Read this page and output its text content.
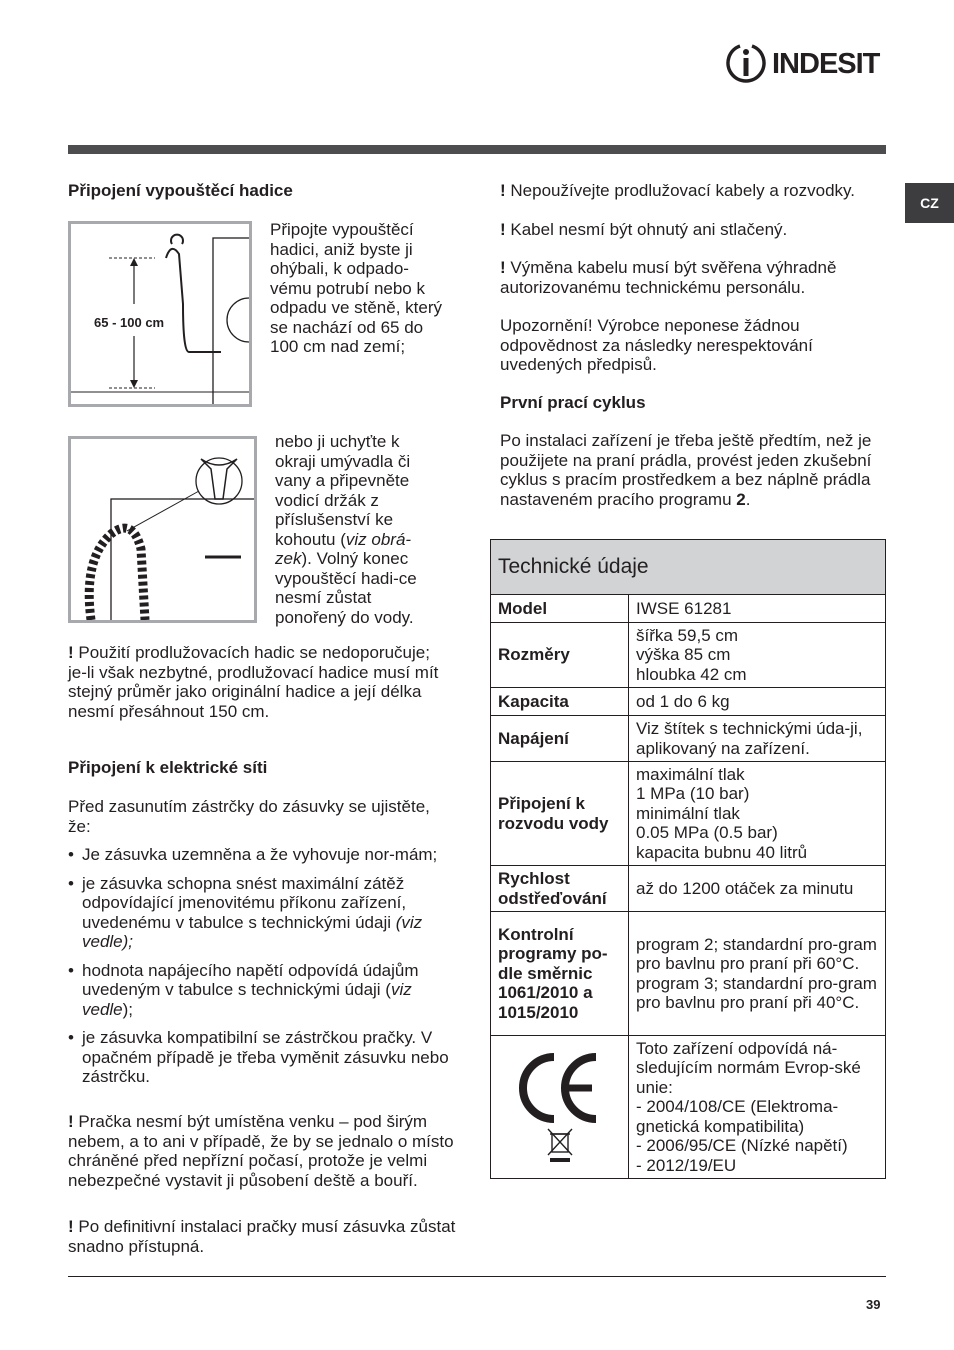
INDESIT
CZ

Připojení vypouštěcí hadice

65 - 100 cm

Připojte vypouštěcí hadici, aniž byste ji ohýbali, k odpado-vému potrubí nebo k odpadu ve stěně, který se nachází od 65 do 100 cm nad zemí;

nebo ji uchyťte k okraji umývadla či vany a připevněte vodicí držák z příslušenství ke kohoutu (viz obrá-zek). Volný konec vypouštěcí hadi-ce nesmí zůstat ponořený do vody.

! Použití prodlužovacích hadic se nedoporučuje; je-li však nezbytné, prodlužovací hadice musí mít stejný průměr jako originální hadice a její délka nesmí přesáhnout 150 cm.

Připojení k elektrické síti

Před zasunutím zástrčky do zásuvky se ujistěte, že:

• Je zásuvka uzemněna a že vyhovuje nor-mám;
• je zásuvka schopna snést maximální zátěž odpovídající jmenovitému příkonu zařízení, uvedenému v tabulce s technickými údaji (viz vedle);
• hodnota napájecího napětí odpovídá údajům uvedeným v tabulce s technickými údaji (viz vedle);
• je zásuvka kompatibilní se zástrčkou pračky. V opačném případě je třeba vyměnit zásuvku nebo zástrčku.

! Pračka nesmí být umístěna venku – pod širým nebem, a to ani v případě, že by se jednalo o místo chráněné před nepřízní počasí, protože je velmi nebezpečné vystavit ji působení deště a bouří.

! Po definitivní instalaci pračky musí zásuvka zůstat snadno přístupná.

! Nepoužívejte prodlužovací kabely a rozvodky.

! Kabel nesmí být ohnutý ani stlačený.

! Výměna kabelu musí být svěřena výhradně autorizovanému technickému personálu.

Upozornění! Výrobce neponese žádnou odpovědnost za následky nerespektování uvedených předpisů.

První prací cyklus

Po instalaci zařízení je třeba ještě předtím, než je použijete na praní prádla, provést jeden zkušební cyklus s pracím prostředkem a bez náplně prádla nastaveném pracího programu 2.

Technické údaje
Model	IWSE 61281
Rozměry	šířka 59,5 cm
výška 85 cm
hloubka 42 cm
Kapacita	od 1 do 6 kg
Napájení	Viz štítek s technickými úda-ji, aplikovaný na zařízení.
Připojení k rozvodu vody	maximální tlak
1 MPa (10 bar)
minimální tlak
0.05 MPa (0.5 bar)
kapacita bubnu 40 litrů
Rychlost odstřeďování	až do 1200 otáček za minutu
Kontrolní programy po-dle směrnic 1061/2010 a 1015/2010	program 2; standardní pro-gram pro bavlnu pro praní při 60°C.
program 3; standardní pro-gram pro bavlnu pro praní při 40°C.

	Toto zařízení odpovídá ná-sledujícím normám Evrop-ské unie:
- 2004/108/CE (Elektroma-gnetická kompatibilita)
- 2006/95/CE (Nízké napětí)
- 2012/19/EU
39
